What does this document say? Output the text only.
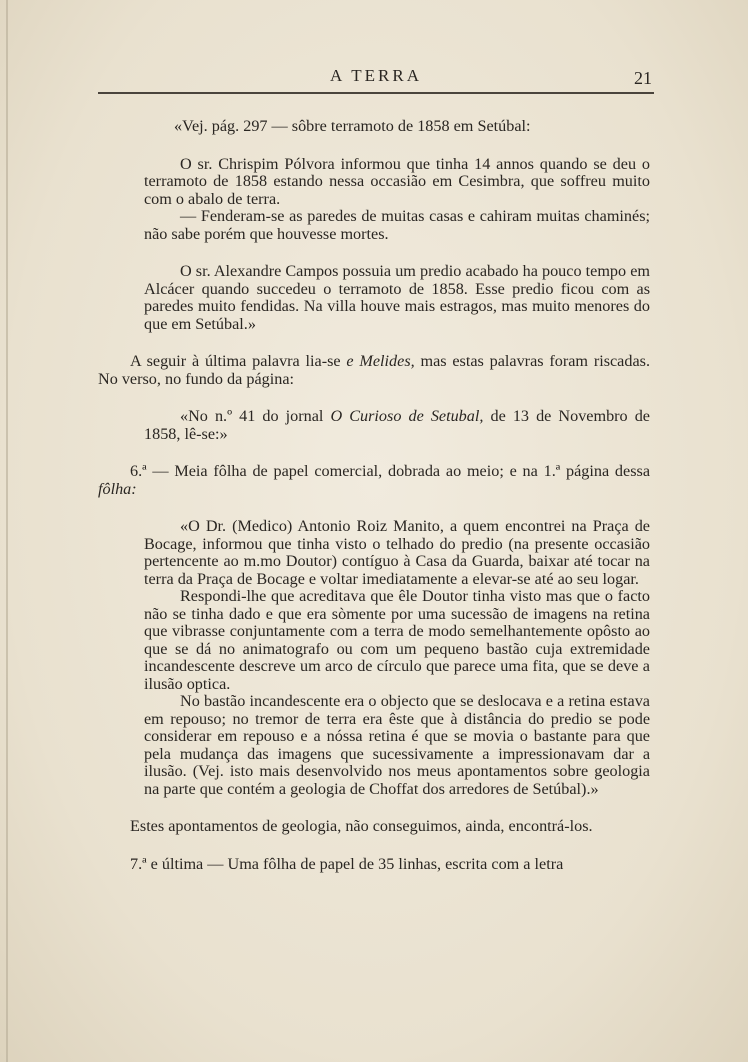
A TERRA	21

«Vej. pág. 297 — sôbre terramoto de 1858 em Setúbal:

O sr. Chrispim Pólvora informou que tinha 14 annos quando se deu o terramoto de 1858 estando nessa occasião em Cesimbra, que soffreu muito com o abalo de terra.

— Fenderam-se as paredes de muitas casas e cahiram muitas chaminés; não sabe porém que houvesse mortes.

O sr. Alexandre Campos possuia um predio acabado ha pouco tempo em Alcácer quando succedeu o terramoto de 1858. Esse predio ficou com as paredes muito fendidas. Na villa houve mais estragos, mas muito menores do que em Setúbal.»

A seguir à última palavra lia-se e Melides, mas estas palavras foram riscadas. No verso, no fundo da página:

«No n.º 41 do jornal O Curioso de Setubal, de 13 de Novembro de 1858, lê-se:»

6.ª — Meia fôlha de papel comercial, dobrada ao meio; e na 1.ª página dessa fôlha:

«O Dr. (Medico) Antonio Roiz Manito, a quem encontrei na Praça de Bocage, informou que tinha visto o telhado do predio (na presente occasião pertencente ao m.mo Doutor) contíguo à Casa da Guarda, baixar até tocar na terra da Praça de Bocage e voltar imediatamente a elevar-se até ao seu logar.

Respondi-lhe que acreditava que êle Doutor tinha visto mas que o facto não se tinha dado e que era sòmente por uma sucessão de imagens na retina que vibrasse conjuntamente com a terra de modo semelhantemente opôsto ao que se dá no animatografo ou com um pequeno bastão cuja extremidade incandescente descreve um arco de círculo que parece uma fita, que se deve a ilusão optica.

No bastão incandescente era o objecto que se deslocava e a retina estava em repouso; no tremor de terra era êste que à distância do predio se pode considerar em repouso e a nóssa retina é que se movia o bastante para que pela mudança das imagens que sucessivamente a impressionavam dar a ilusão. (Vej. isto mais desenvolvido nos meus apontamentos sobre geologia na parte que contém a geologia de Choffat dos arredores de Setúbal).»

Estes apontamentos de geologia, não conseguimos, ainda, encontrá-los.

7.ª e última — Uma fôlha de papel de 35 linhas, escrita com a letra
